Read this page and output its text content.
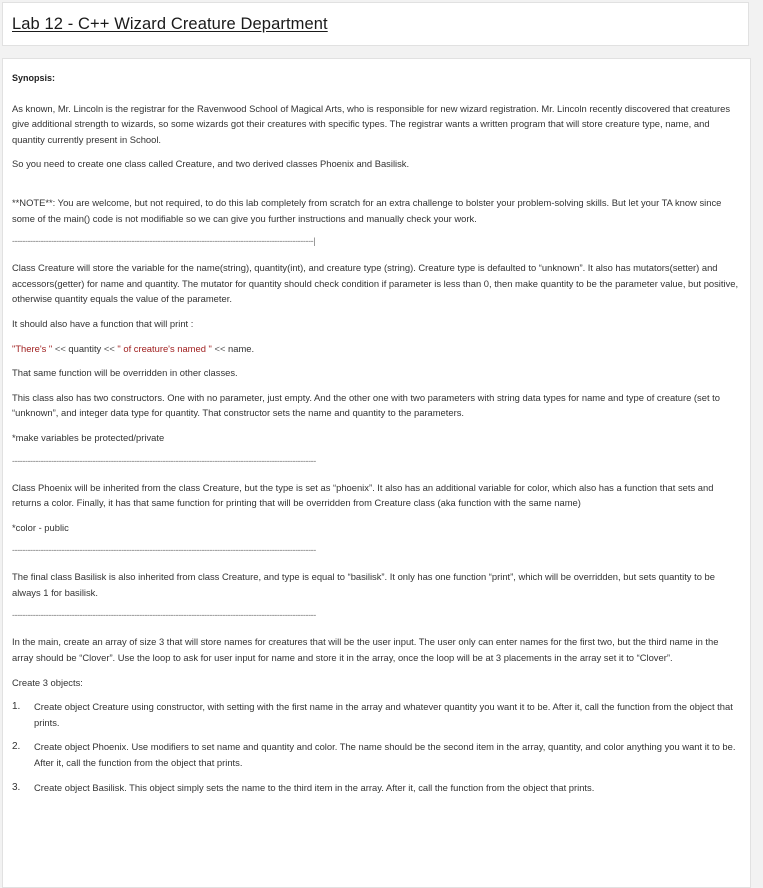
Lab 12 - C++ Wizard Creature Department

Synopsis:

As known, Mr. Lincoln is the registrar for the Ravenwood School of Magical Arts, who is responsible for new wizard registration. Mr. Lincoln recently discovered that creatures give additional strength to wizards, so some wizards got their creatures with specific types. The registrar wants a written program that will store creature type, name, and quantity currently present in School.

So you need to create one class called Creature, and two derived classes Phoenix and Basilisk.

**NOTE**: You are welcome, but not required, to do this lab completely from scratch for an extra challenge to bolster your problem-solving skills. But let your TA know since some of the main() code is not modifiable so we can give you further instructions and manually check your work.

--------------------------------------------------------------------------------------------------------------------|

Class Creature will store the variable for the name(string), quantity(int), and creature type (string). Creature type is defaulted to “unknown”. It also has mutators(setter) and accessors(getter) for name and quantity. The mutator for quantity should check condition if parameter is less than 0, then make quantity to be the parameter value, but positive, otherwise quantity equals the value of the parameter.

It should also have a function that will print :

"There's " << quantity << " of creature's named " << name.

That same function will be overridden in other classes.

This class also has two constructors. One with no parameter, just empty. And the other one with two parameters with string data types for name and type of creature (set to “unknown”, and integer data type for quantity. That constructor sets the name and quantity to the parameters.

*make variables be protected/private

---------------------------------------------------------------------------------------------------------------------

Class Phoenix will be inherited from the class Creature, but the type is set as “phoenix”. It also has an additional variable for color, which also has a function that sets and returns a color. Finally, it has that same function for printing that will be overridden from Creature class (aka function with the same name)

*color - public

---------------------------------------------------------------------------------------------------------------------

The final class Basilisk is also inherited from class Creature, and type is equal to “basilisk”. It only has one function “print”, which will be overridden, but sets quantity to be always 1 for basilisk.

---------------------------------------------------------------------------------------------------------------------

In the main, create an array of size 3 that will store names for creatures that will be the user input. The user only can enter names for the first two, but the third name in the array should be “Clover”. Use the loop to ask for user input for name and store it in the array, once the loop will be at 3 placements in the array set it to “Clover”.

Create 3 objects:

1.	Create object Creature using constructor, with setting with the first name in the array and whatever quantity you want it to be. After it, call the function from the object that prints.
2.	Create object Phoenix. Use modifiers to set name and quantity and color. The name should be the second item in the array, quantity, and color anything you want it to be. After it, call the function from the object that prints.
3.	Create object Basilisk. This object simply sets the name to the third item in the array. After it, call the function from the object that prints.
